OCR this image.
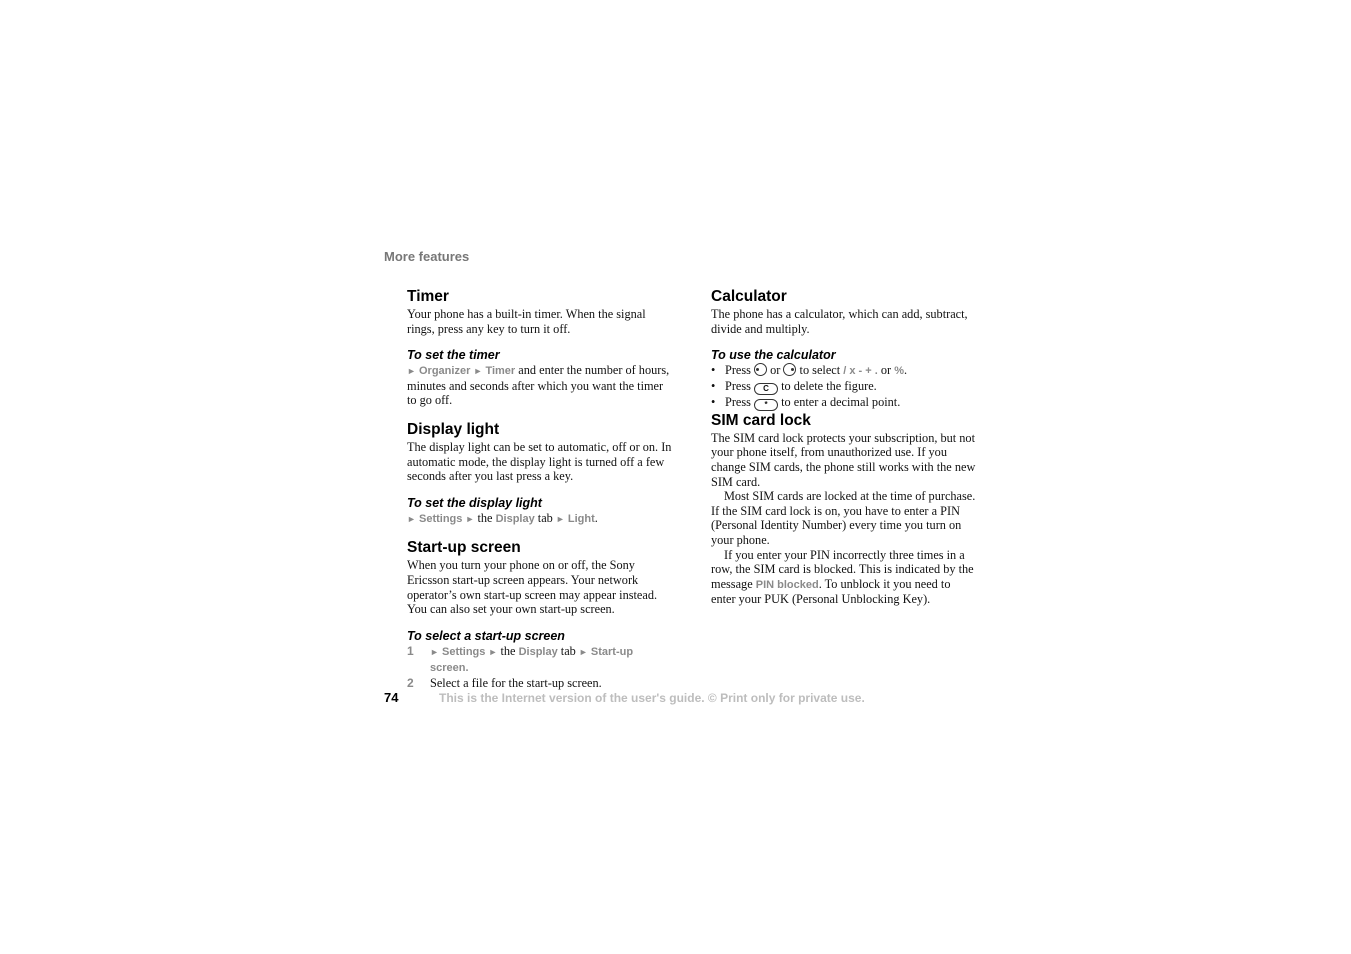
More features
Timer

Your phone has a built-in timer. When the signal rings, press any key to turn it off.

To set the timer

► Organizer ► Timer and enter the number of hours, minutes and seconds after which you want the timer to go off.

Display light

The display light can be set to automatic, off or on. In automatic mode, the display light is turned off a few seconds after you last press a key.

To set the display light

► Settings ► the Display tab ► Light.

Start-up screen

When you turn your phone on or off, the Sony Ericsson start-up screen appears. Your network operator’s own start-up screen may appear instead. You can also set your own start-up screen.

To select a start-up screen
1 ► Settings ► the Display tab ► Start-up screen.
2 Select a file for the start-up screen.
Calculator

The phone has a calculator, which can add, subtract, divide and multiply.

To use the calculator
• Press  or  to select / x - + . or %.
• Press C to delete the figure.
• Press * to enter a decimal point.
SIM card lock

The SIM card lock protects your subscription, but not your phone itself, from unauthorized use. If you change SIM cards, the phone still works with the new SIM card.

Most SIM cards are locked at the time of purchase. If the SIM card lock is on, you have to enter a PIN (Personal Identity Number) every time you turn on your phone.

If you enter your PIN incorrectly three times in a row, the SIM card is blocked. This is indicated by the message PIN blocked. To unblock it you need to enter your PUK (Personal Unblocking Key).

74	This is the Internet version of the user's guide. © Print only for private use.
